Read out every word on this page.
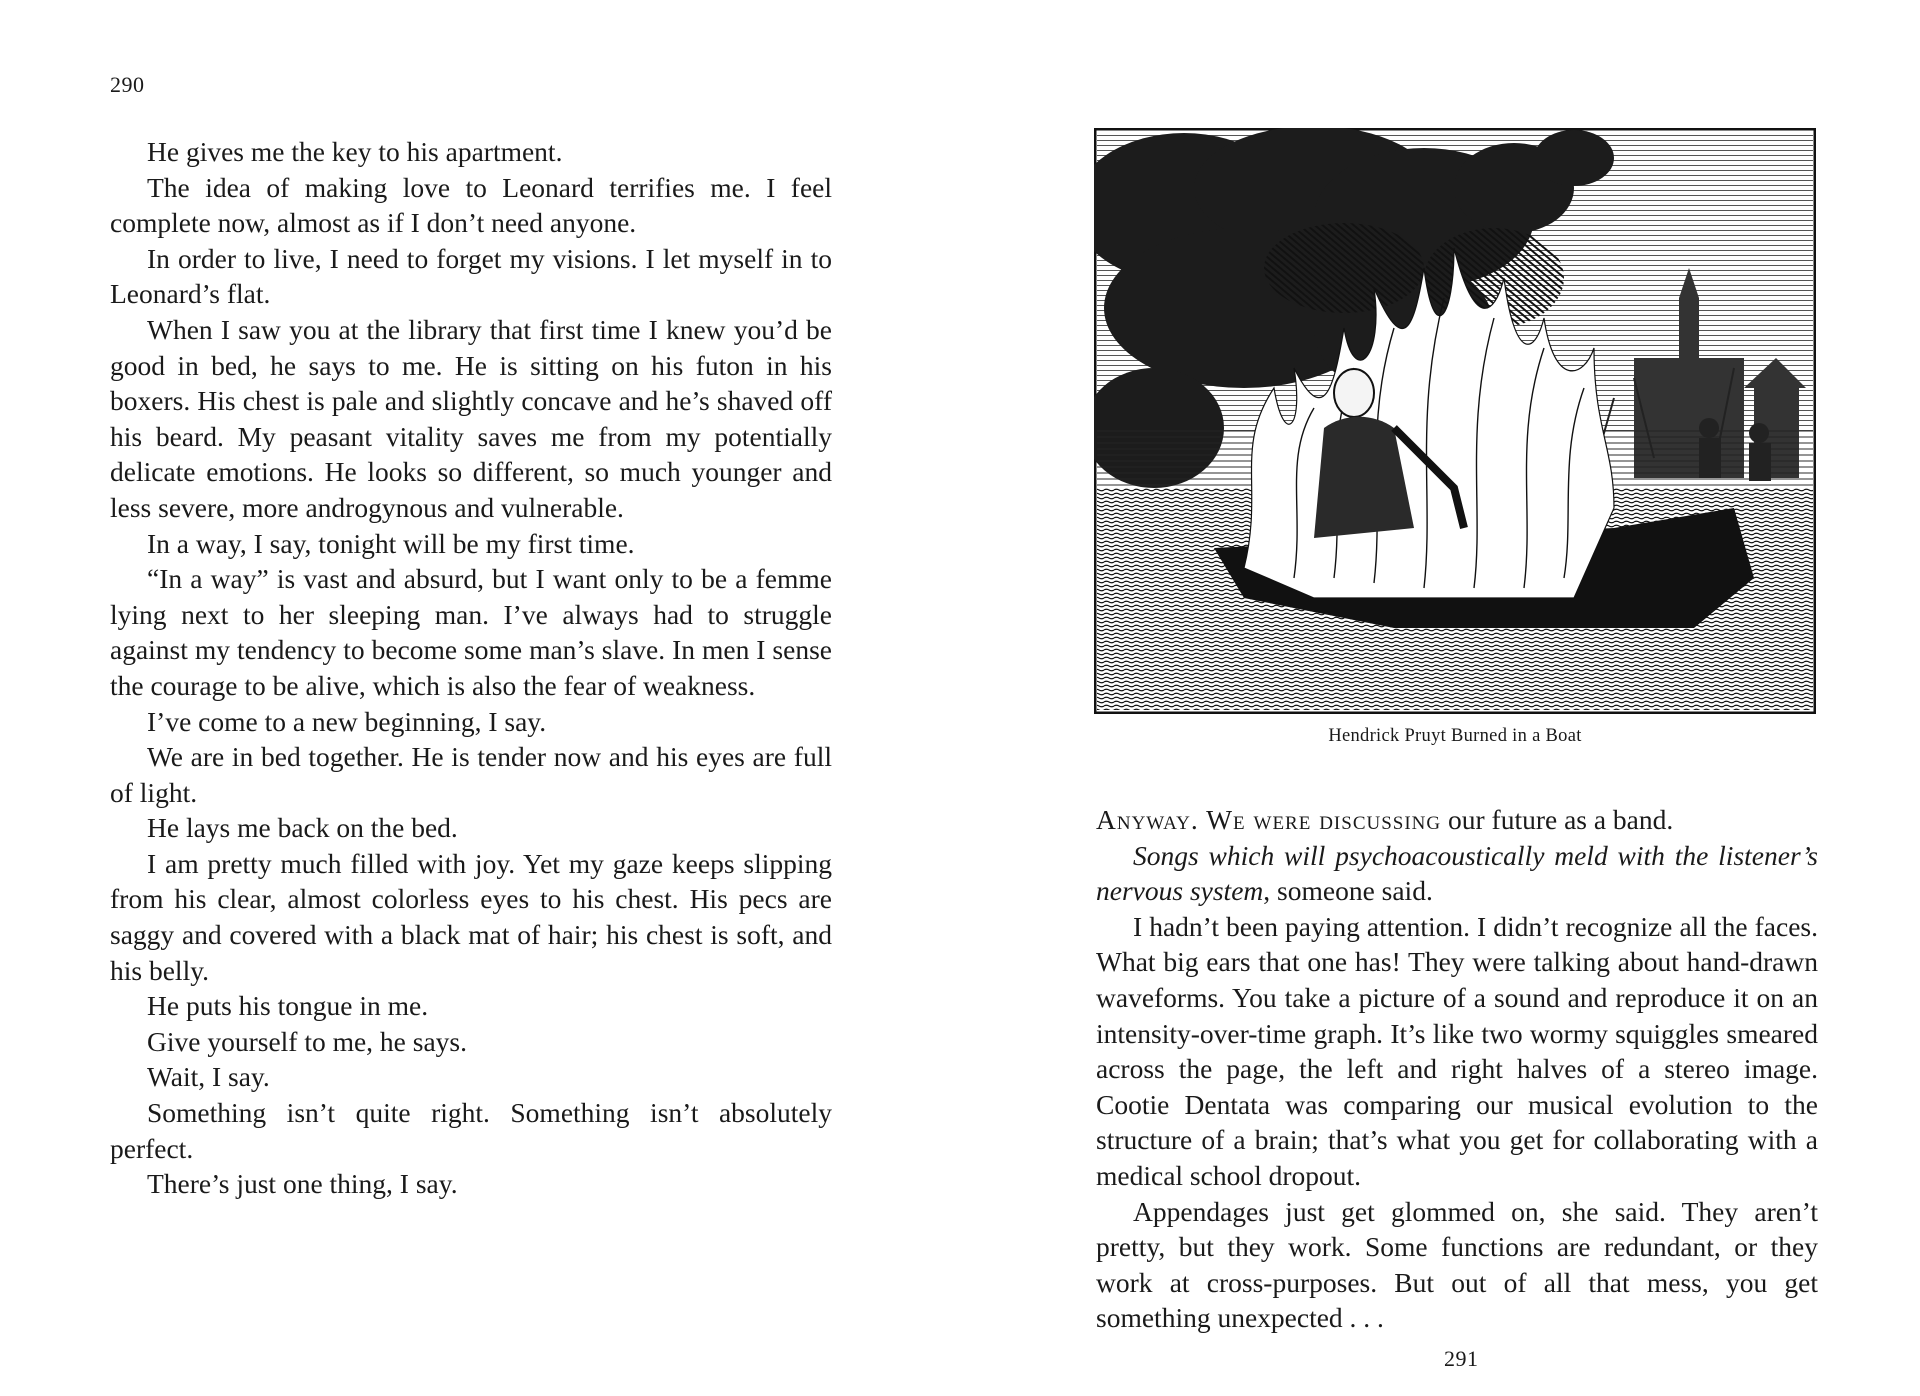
290

He gives me the key to his apartment.

The idea of making love to Leonard terrifies me. I feel complete now, almost as if I don’t need anyone.

In order to live, I need to forget my visions. I let myself in to Leonard’s flat.

When I saw you at the library that first time I knew you’d be good in bed, he says to me. He is sitting on his futon in his boxers. His chest is pale and slightly concave and he’s shaved off his beard. My peasant vitality saves me from my potentially delicate emotions. He looks so different, so much younger and less severe, more androgynous and vulnerable.

In a way, I say, tonight will be my first time.

“In a way” is vast and absurd, but I want only to be a femme lying next to her sleeping man. I’ve always had to struggle against my tendency to become some man’s slave. In men I sense the courage to be alive, which is also the fear of weakness.

I’ve come to a new beginning, I say.

We are in bed together. He is tender now and his eyes are full of light.

He lays me back on the bed.

I am pretty much filled with joy. Yet my gaze keeps slipping from his clear, almost colorless eyes to his chest. His pecs are saggy and covered with a black mat of hair; his chest is soft, and his belly.

He puts his tongue in me.

Give yourself to me, he says.

Wait, I say.

Something isn’t quite right. Something isn’t absolutely perfect.

There’s just one thing, I say.

Hendrick Pruyt Burned in a Boat

Anyway. We were discussing our future as a band.

Songs which will psychoacoustically meld with the listener’s nervous system, someone said.

I hadn’t been paying attention. I didn’t recognize all the faces. What big ears that one has! They were talking about hand-drawn waveforms. You take a picture of a sound and reproduce it on an intensity-over-time graph. It’s like two wormy squiggles smeared across the page, the left and right halves of a stereo image. Cootie Dentata was comparing our musical evolution to the structure of a brain; that’s what you get for collaborating with a medical school dropout.

Appendages just get glommed on, she said. They aren’t pretty, but they work. Some functions are redundant, or they work at cross-purposes. But out of all that mess, you get something unexpected . . .

291
